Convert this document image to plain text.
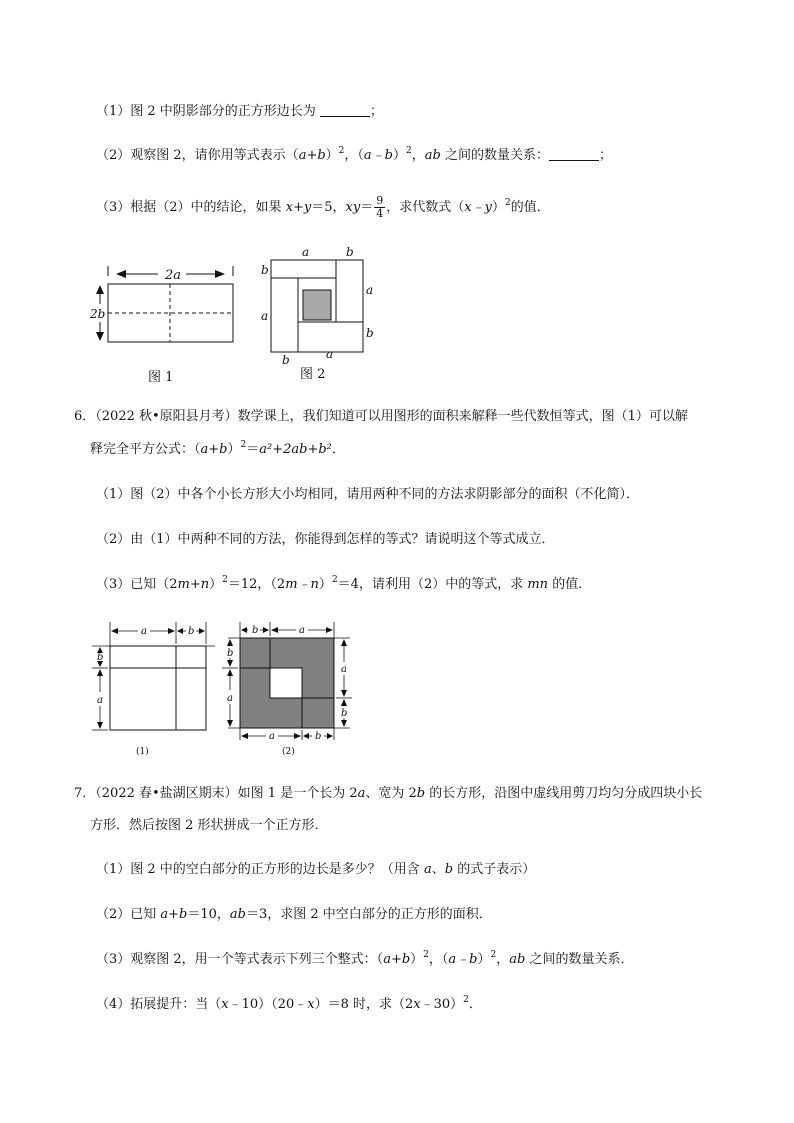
（1）图 2 中阴影部分的正方形边长为	；
（2）观察图 2，请你用等式表示$(a+b)^2$，（a﹣b）$^2$，ab 之间的数量关系：	；
（3）根据（2）中的结论，如果 x+y＝5，$xy= \frac{9}{4}$ ，求代数式（x﹣y）$^2$的值．
2a
2b
图 1
a	b
b
a
a
b
b	a
图 2
6．（2022 秋•原阳县月考）数学课上，我们知道可以用图形的面积来解释一些代数恒等式，图（1）可以解
释完全平方公式：$(a+b)^2=a^2+2ab+b^2$．
（1）图（2）中各个小长方形大小均相同，请用两种不同的方法求阴影部分的面积（不化简）．
（2）由（1）中两种不同的方法，你能得到怎样的等式？请说明这个等式成立．
（3）已知$(2m+n)^2=12$，（2m﹣n）$^2$＝4，请利用（2）中的等式，求 mn 的值．
a	b
b
a
(1)
b	a
a	b
b
a
a
b
(2)
7．（2022 春•盐湖区期末）如图 1 是一个长为 2a、宽为 2b 的长方形，沿图中虚线用剪刀均匀分成四块小长
方形．然后按图 2 形状拼成一个正方形．
（1）图 2 中的空白部分的正方形的边长是多少？（用含 a、b 的式子表示）
（2）已知 a+b＝10，ab＝3，求图 2 中空白部分的正方形的面积．
（3）观察图 2，用一个等式表示下列三个整式：$(a+b)^2$，（a﹣b）$^2$，ab 之间的数量关系．
（4）拓展提升：当（x﹣10）（20﹣x）＝8 时，求（2x﹣30）$^2$．
